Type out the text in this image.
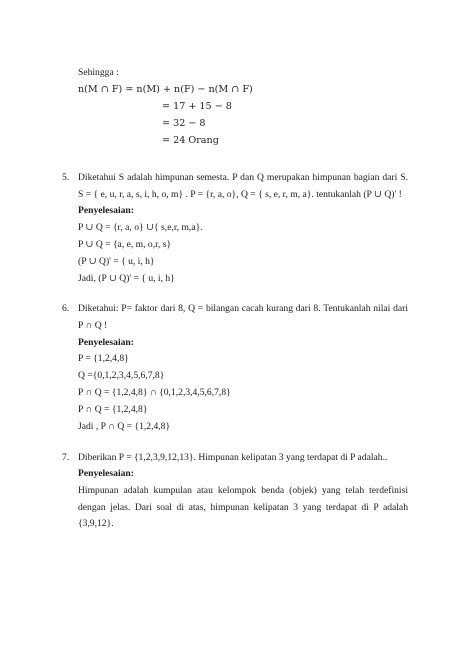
Sehingga :
n(M ∩ F) = n(M) + n(F) − n(M ∩ F)
= 17 + 15 − 8
= 32 − 8
= 24 Orang
5. Diketahui S adalah himpunan semesta. P dan Q merupakan himpunan bagian dari S.
S = { e, u, r, a, s, i, h, o, m} . P = {r, a, o}, Q = { s, e, r, m, a}. tentukanlah (P ∪ Q)' !
Penyelesaian:
P ∪ Q = {r, a, o} ∪{ s,e,r, m,a}.
P ∪ Q = {a, e, m, o,r, s}
(P ∪ Q)' = { u, i, h}
Jadi, (P ∪ Q)' = { u, i, h}
6. Diketahui: P= faktor dari 8, Q = bilangan cacah kurang dari 8. Tentukanlah nilai dari
P ∩ Q !
Penyelesaian:
P = {1,2,4,8}
Q ={0,1,2,3,4,5,6,7,8}
P ∩ Q = {1,2,4,8} ∩ {0,1,2,3,4,5,6,7,8}
P ∩ Q = {1,2,4,8}
Jadi , P ∩ Q = {1,2,4,8}
7. Diberikan P = {1,2,3,9,12,13}. Himpunan kelipatan 3 yang terdapat di P adalah..
Penyelesaian:
Himpunan adalah kumpulan atau kelompok benda (objek) yang telah terdefinisi
dengan jelas. Dari soal di atas, himpunan kelipatan 3 yang terdapat di P adalah
{3,9,12}.
